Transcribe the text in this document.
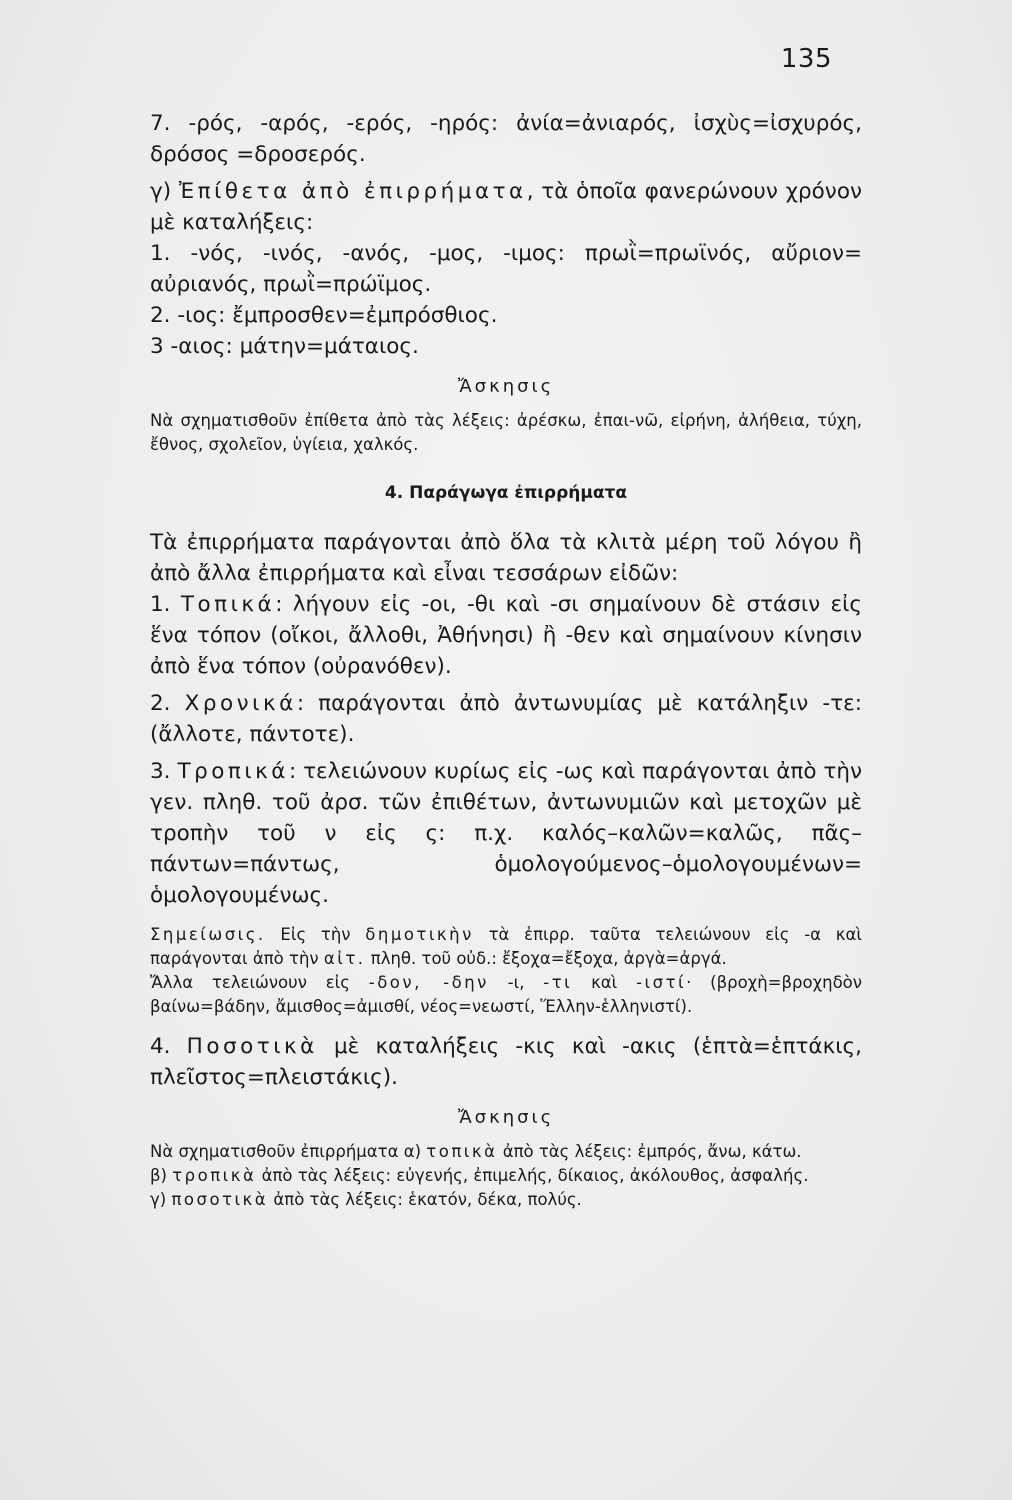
135

7. -ρός, -αρός, -ερός, -ηρός: ἀνία=ἀνιαρός, ἰσχὺς=ἰσχυρός, δρόσος =δροσερός.

γ) Ἐπίθετα ἀπὸ ἐπιρρήματα, τὰ ὁποῖα φανερώνουν χρόνον μὲ καταλήξεις:

1. -νός, -ινός, -ανός, -μος, -ιμος: πρωῒ=πρωϊνός, αὔριον= αὐριανός, πρωῒ=πρώϊμος.

2. -ιος: ἔμπροσθεν=ἐμπρόσθιος.

3 -αιος: μάτην=μάταιος.

Ἄσκησις

Νὰ σχηματισθοῦν ἐπίθετα ἀπὸ τὰς λέξεις: ἀρέσκω, ἐπαι-νῶ, εἰρήνη, ἀλήθεια, τύχη, ἔθνος, σχολεῖον, ὑγίεια, χαλκός.

4. Παράγωγα ἐπιρρήματα

Τὰ ἐπιρρήματα παράγονται ἀπὸ ὅλα τὰ κλιτὰ μέρη τοῦ λόγου ἢ ἀπὸ ἄλλα ἐπιρρήματα καὶ εἶναι τεσσάρων εἰδῶν:

1. Τοπικά: λήγουν εἰς -οι, -θι καὶ -σι σημαίνουν δὲ στάσιν εἰς ἕνα τόπον (οἴκοι, ἄλλοθι, Ἀθήνησι) ἢ -θεν καὶ σημαίνουν κίνησιν ἀπὸ ἕνα τόπον (οὐρανόθεν).

2. Χρονικά: παράγονται ἀπὸ ἀντωνυμίας μὲ κατάληξιν -τε: (ἄλλοτε, πάντοτε).

3. Τροπικά: τελειώνουν κυρίως εἰς -ως καὶ παράγονται ἀπὸ τὴν γεν. πληθ. τοῦ ἀρσ. τῶν ἐπιθέτων, ἀντωνυμιῶν καὶ μετοχῶν μὲ τροπὴν τοῦ ν εἰς ς: π.χ. καλός–καλῶν=καλῶς, πᾶς–πάντων=πάντως, ὁμολογούμενος–ὁμολογουμένων= ὁμολογουμένως.

Σημείωσις. Εἰς τὴν δημοτικὴν τὰ ἐπιρρ. ταῦτα τελειώνουν εἰς -α καὶ παράγονται ἀπὸ τὴν αἰτ. πληθ. τοῦ οὐδ.: ἔξοχα=ἔξοχα, ἀργὰ=ἀργά.

Ἄλλα τελειώνουν εἰς -δον, -δην -ι, -τι καὶ -ιστί· (βροχὴ=βροχηδὸν βαίνω=βάδην, ἄμισθος=ἀμισθί, νέος=νεωστί, Ἕλλην-ἑλληνιστί).

4. Ποσοτικὰ μὲ καταλήξεις -κις καὶ -ακις (ἑπτὰ=ἑπτάκις, πλεῖστος=πλειστάκις).

Ἄσκησις

Νὰ σχηματισθοῦν ἐπιρρήματα α) τοπικὰ ἀπὸ τὰς λέξεις: ἐμπρός, ἄνω, κάτω.

β) τροπικὰ ἀπὸ τὰς λέξεις: εὐγενής, ἐπιμελής, δίκαιος, ἀκόλουθος, ἀσφαλής.

γ) ποσοτικὰ ἀπὸ τὰς λέξεις: ἑκατόν, δέκα, πολύς.
